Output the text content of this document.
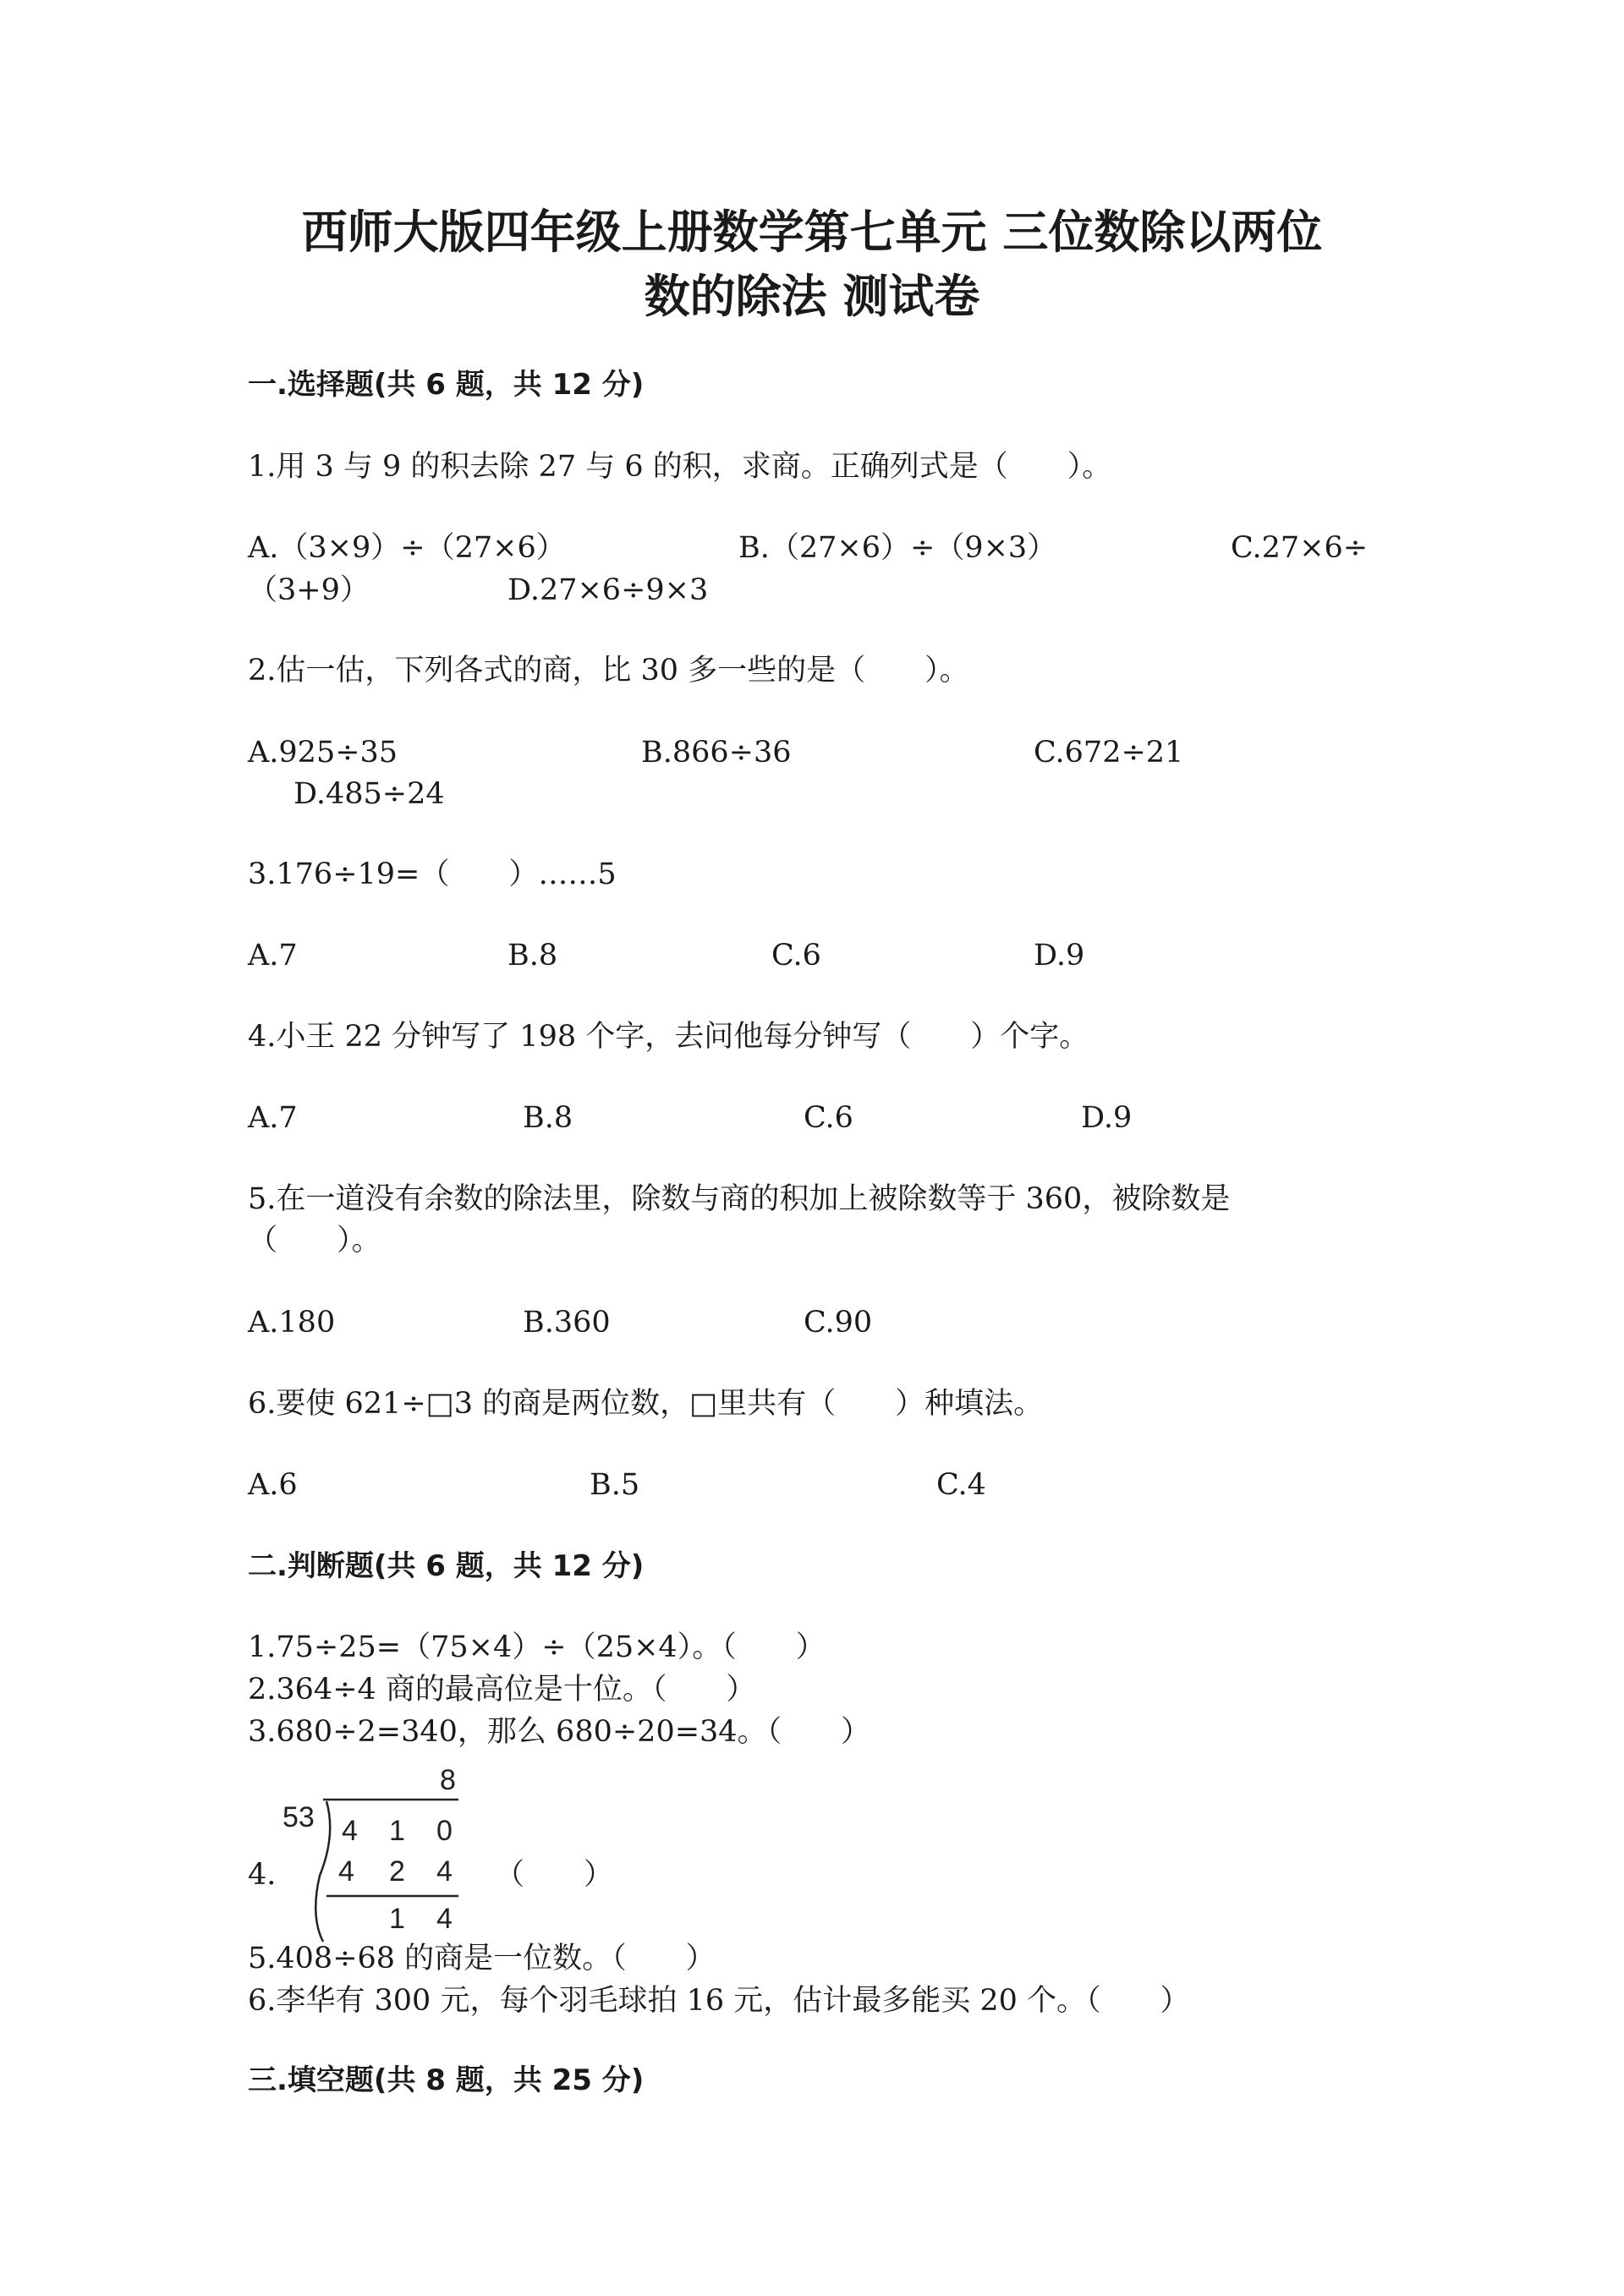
西师大版四年级上册数学第七单元 三位数除以两位
数的除法 测试卷
一.选择题(共 6 题，共 12 分)

1.用 3 与 9 的积去除 27 与 6 的积，求商。正确列式是（　　）。

A.（3×9）÷（27×6）	B.（27×6）÷（9×3）	C.27×6÷

（3+9）	D.27×6÷9×3

2.估一估，下列各式的商，比 30 多一些的是（　　）。

A.925÷35	B.866÷36	C.672÷21

D.485÷24

3.176÷19=（　　）……5

A.7	B.8	C.6	D.9

4.小王 22 分钟写了 198 个字，去问他每分钟写（　　）个字。

A.7	B.8	C.6	D.9

5.在一道没有余数的除法里，除数与商的积加上被除数等于 360，被除数是

（　　）。

A.180	B.360	C.90

6.要使 621÷□3 的商是两位数，□里共有（　　）种填法。

A.6	B.5	C.4

二.判断题(共 6 题，共 12 分)

1.75÷25=（75×4）÷（25×4）。（　　）

2.364÷4 商的最高位是十位。（　　）

3.680÷2=340，那么 680÷20=34。（　　）

4.

8
53 4 1 0
4 2 4
1 4

（　　）

5.408÷68 的商是一位数。（　　）

6.李华有 300 元，每个羽毛球拍 16 元，估计最多能买 20 个。（　　）

三.填空题(共 8 题，共 25 分)
